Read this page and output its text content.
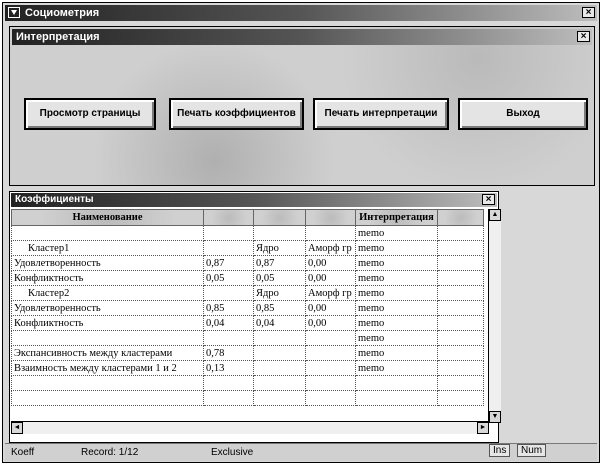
Социометрия	×
Интерпретация	×
Просмотр страницы	Печать коэффициентов	Печать интерпретации	Выход
Коэффициенты	×
Наименование				Интерпретация	
				memo	
Кластер1		Ядро	Аморф гр	memo	
Удовлетворенность	0,87	0,87	0,00	memo	
Конфликтность	0,05	0,05	0,00	memo	
Кластер2		Ядро	Аморф гр	memo	
Удовлетворенность	0,85	0,85	0,00	memo	
Конфликтность	0,04	0,04	0,00	memo	
				memo	
Экспансивность между кластерами	0,78			memo	
Взаимность между кластерами 1 и 2	0,13			memo	

▲
▼
◄	►
Koeff	Record: 1/12	Exclusive	Ins	Num
